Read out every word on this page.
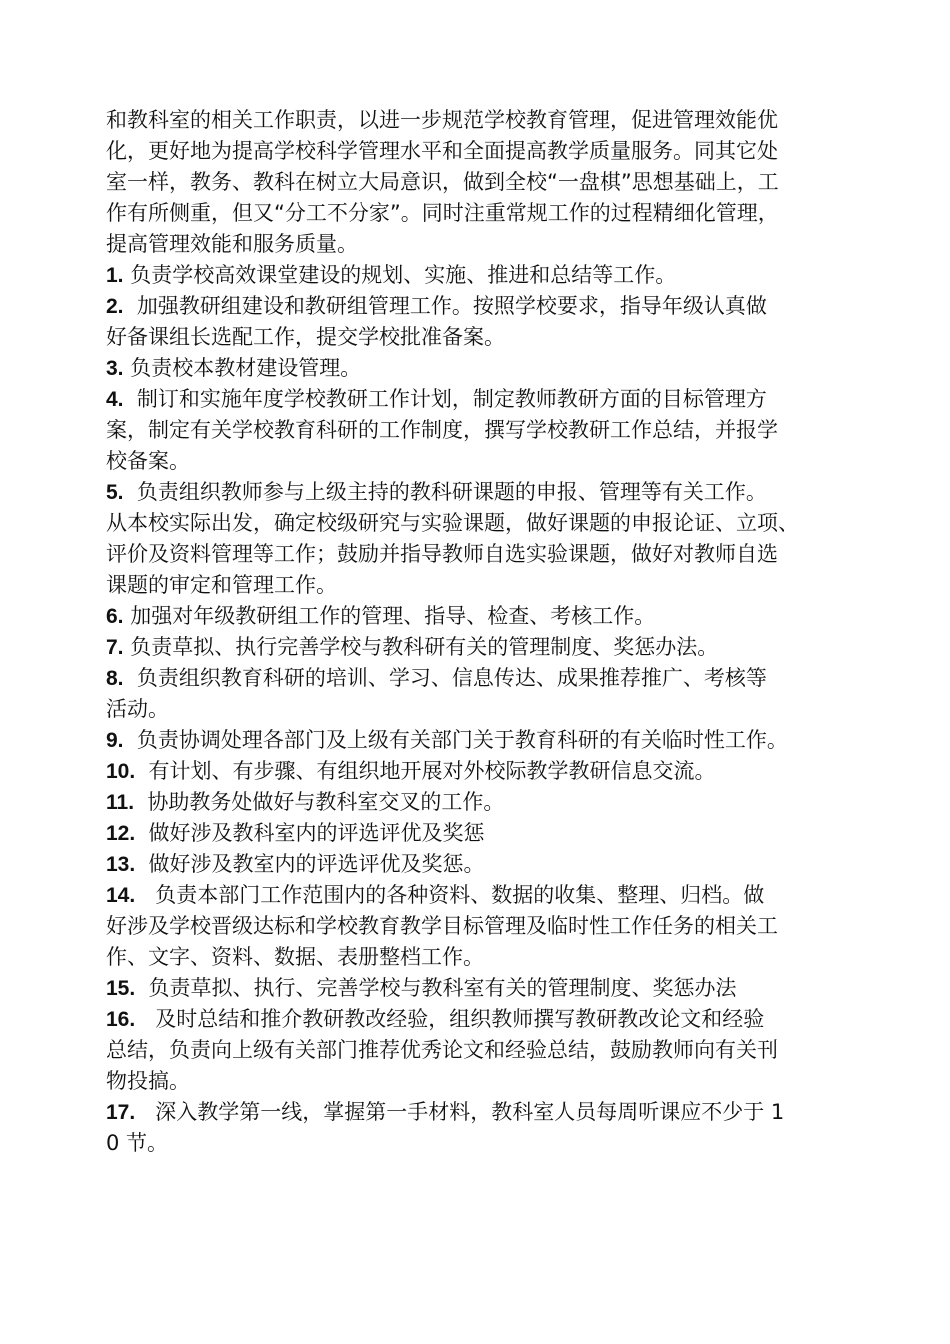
和教科室的相关工作职责，以进一步规范学校教育管理，促进管理效能优
化，更好地为提高学校科学管理水平和全面提高教学质量服务。同其它处
室一样，教务、教科在树立大局意识，做到全校“一盘棋”思想基础上，工
作有所侧重，但又“分工不分家”。同时注重常规工作的过程精细化管理，
提高管理效能和服务质量。
1. 负责学校高效课堂建设的规划、实施、推进和总结等工作。
2.  加强教研组建设和教研组管理工作。按照学校要求，指导年级认真做
好备课组长选配工作，提交学校批准备案。
3. 负责校本教材建设管理。
4.  制订和实施年度学校教研工作计划，制定教师教研方面的目标管理方
案，制定有关学校教育科研的工作制度，撰写学校教研工作总结，并报学
校备案。
5.  负责组织教师参与上级主持的教科研课题的申报、管理等有关工作。
从本校实际出发，确定校级研究与实验课题，做好课题的申报论证、立项、
评价及资料管理等工作；鼓励并指导教师自选实验课题，做好对教师自选
课题的审定和管理工作。
6. 加强对年级教研组工作的管理、指导、检查、考核工作。
7. 负责草拟、执行完善学校与教科研有关的管理制度、奖惩办法。
8.  负责组织教育科研的培训、学习、信息传达、成果推荐推广、考核等
活动。
9.  负责协调处理各部门及上级有关部门关于教育科研的有关临时性工作。
10.  有计划、有步骤、有组织地开展对外校际教学教研信息交流。
11.  协助教务处做好与教科室交叉的工作。
12.  做好涉及教科室内的评选评优及奖惩
13.  做好涉及教室内的评选评优及奖惩。
14.   负责本部门工作范围内的各种资料、数据的收集、整理、归档。做
好涉及学校晋级达标和学校教育教学目标管理及临时性工作任务的相关工
作、文字、资料、数据、表册整档工作。
15.  负责草拟、执行、完善学校与教科室有关的管理制度、奖惩办法
16.   及时总结和推介教研教改经验，组织教师撰写教研教改论文和经验
总结，负责向上级有关部门推荐优秀论文和经验总结，鼓励教师向有关刊
物投搞。
17.   深入教学第一线，掌握第一手材料，教科室人员每周听课应不少于 1
0 节。
